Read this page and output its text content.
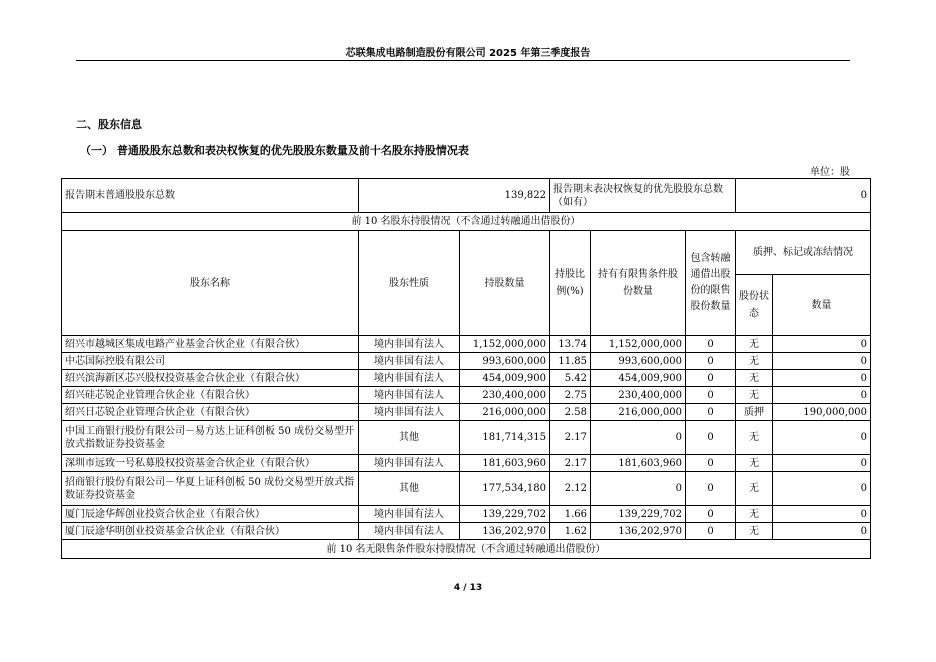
芯联集成电路制造股份有限公司 2025 年第三季度报告
二、股东信息
（一） 普通股股东总数和表决权恢复的优先股股东数量及前十名股东持股情况表
单位：股
报告期末普通股股东总数	139,822		报告期末表决权恢复的优先股股东总数（如有）			0	
前 10 名股东持股情况（不含通过转融通出借股份）							
股东名称	股东性质	持股数量	持股比例(%)	持有有限售条件股份数量	包含转融通借出股份的限售股份数量	质押、标记或冻结情况	
						股份状态	数量
绍兴市越城区集成电路产业基金合伙企业（有限合伙）	境内非国有法人	1,152,000,000	13.74	1,152,000,000	0	无	0
中芯国际控股有限公司	境内非国有法人	993,600,000	11.85	993,600,000	0	无	0
绍兴滨海新区芯兴股权投资基金合伙企业（有限合伙）	境内非国有法人	454,009,900	5.42	454,009,900	0	无	0
绍兴硅芯锐企业管理合伙企业（有限合伙）	境内非国有法人	230,400,000	2.75	230,400,000	0	无	0
绍兴日芯锐企业管理合伙企业（有限合伙）	境内非国有法人	216,000,000	2.58	216,000,000	0	质押	190,000,000
中国工商银行股份有限公司－易方达上证科创板 50 成份交易型开放式指数证券投资基金	其他	181,714,315	2.17	0	0	无	0
深圳市远致一号私募股权投资基金合伙企业（有限合伙）	境内非国有法人	181,603,960	2.17	181,603,960	0	无	0
招商银行股份有限公司－华夏上证科创板 50 成份交易型开放式指数证券投资基金	其他	177,534,180	2.12	0	0	无	0
厦门辰途华辉创业投资合伙企业（有限合伙）	境内非国有法人	139,229,702	1.66	139,229,702	0	无	0
厦门辰途华明创业投资基金合伙企业（有限合伙）	境内非国有法人	136,202,970	1.62	136,202,970	0	无	0
前 10 名无限售条件股东持股情况（不含通过转融通出借股份）							
4 / 13
